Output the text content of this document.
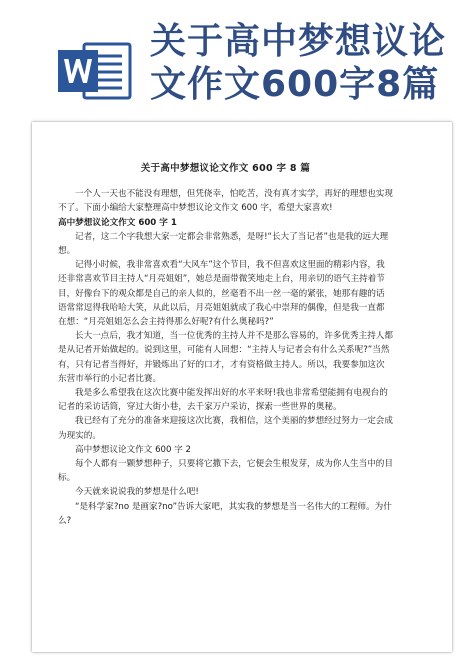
关于高中梦想议论
文作文600字8篇
关于高中梦想议论文作文 600 字 8 篇

一个人一天也不能没有理想，但凭侥幸，怕吃苦，没有真才实学，再好的理想也实现不了。下面小编给大家整理高中梦想议论文作文 600 字，希望大家喜欢!

高中梦想议论文作文 600 字 1

记者，这二个字我想大家一定都会非常熟悉，是呀!“长大了当记者”也是我的远大理想。

记得小时候，我非常喜欢看“大风车”这个节目，我不但喜欢这里面的精彩内容，我还非常喜欢节目主持人“月亮姐姐”，她总是面带微笑地走上台，用亲切的语气主持着节目，好像台下的观众都是自己的亲人似的，丝毫看不出一丝一毫的紧张，她那有趣的话语常常逗得我哈哈大笑，从此以后，月亮姐姐就成了我心中崇拜的偶像，但是我一直都在想：“月亮姐姐怎么会主持得那么好呢?有什么奥秘吗?”

长大一点后，我才知道，当一位优秀的主持人并不是那么容易的，许多优秀主持人都是从记者开始做起的。说到这里，可能有人回想：“主持人与记者会有什么关系呢?”当然有，只有记者当得好，并锻炼出了好的口才，才有资格做主持人。所以，我要参加这次东营市举行的小记者比赛。

我是多么希望我在这次比赛中能发挥出好的水平来呀!我也非常希望能拥有电视台的记者的采访话筒，穿过大街小巷，去千家万户采访，探索一些世界的奥秘。

我已经有了充分的准备来迎接这次比赛，我相信，这个美丽的梦想经过努力一定会成为现实的。

高中梦想议论文作文 600 字 2

每个人都有一颗梦想种子，只要将它撒下去，它便会生根发芽，成为你人生当中的目标。

今天就来说说我的梦想是什么吧!

“是科学家?no 是画家?no”告诉大家吧，其实我的梦想是当一名伟大的工程师。为什么?
